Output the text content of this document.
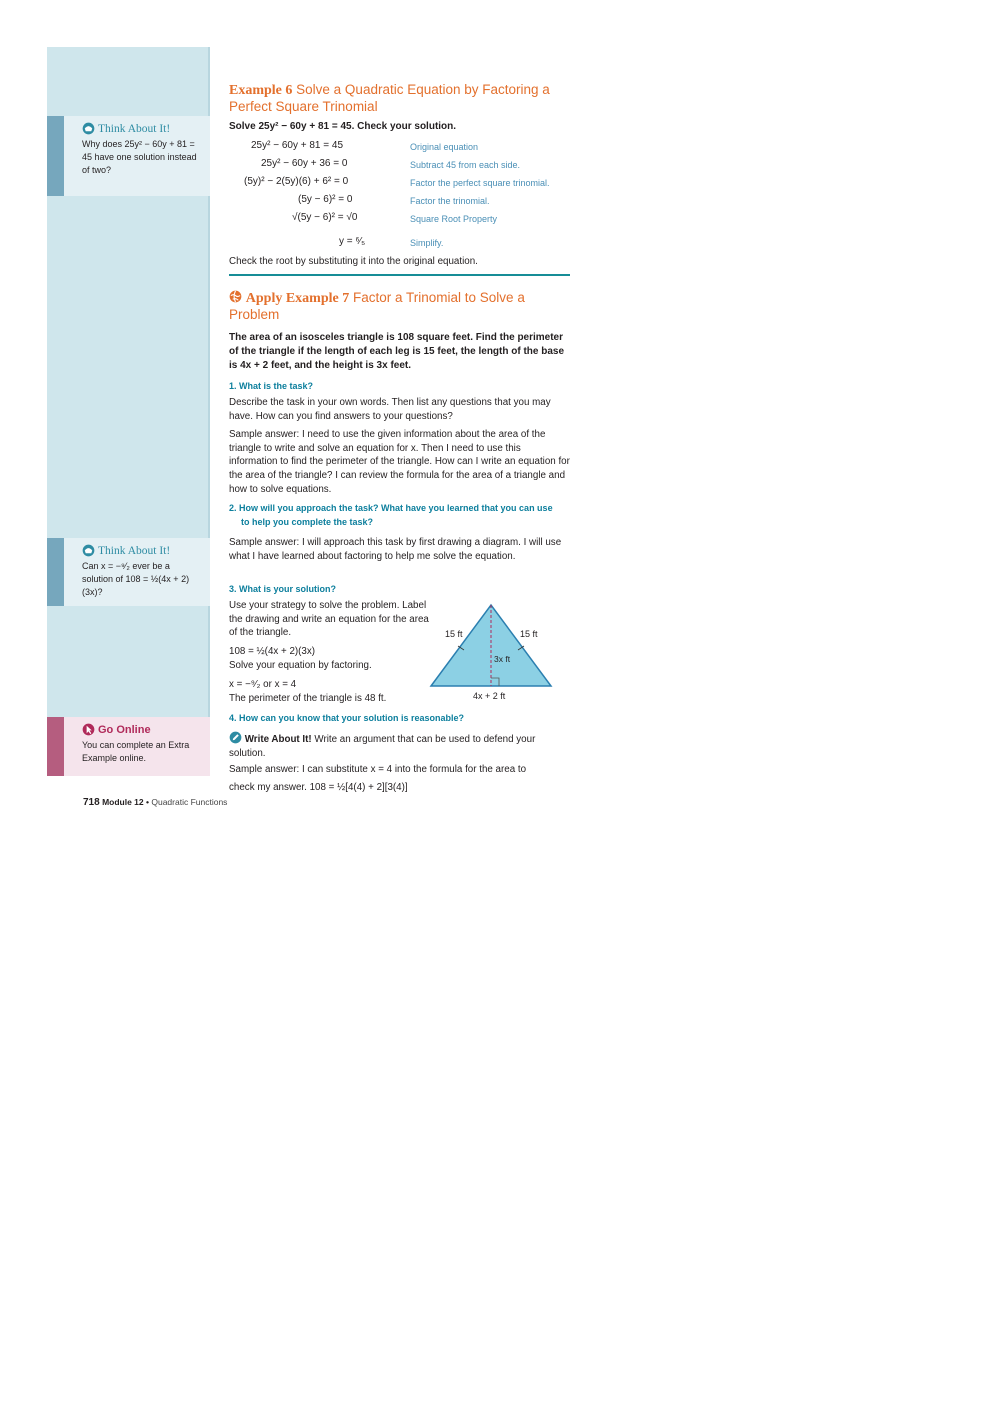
Think About It!
Why does 25y² − 60y + 81 = 45 have one solution instead of two?
Think About It!
Can x = −⁹⁄₂ ever be a solution of 108 = ½(4x + 2)(3x)?
Go Online
You can complete an Extra Example online.
Example 6 Solve a Quadratic Equation by Factoring a Perfect Square Trinomial
Solve 25y² − 60y + 81 = 45. Check your solution.
25y² − 60y + 81 = 45	Original equation
25y² − 60y + 36 = 0	Subtract 45 from each side.
(5y)² − 2(5y)(6) + 6² = 0	Factor the perfect square trinomial.
(5y − 6)² = 0	Factor the trinomial.
√(5y − 6)² = √0	Square Root Property
y = ⁶⁄₅	Simplify.
Check the root by substituting it into the original equation.
Apply Example 7 Factor a Trinomial to Solve a Problem
The area of an isosceles triangle is 108 square feet. Find the perimeter of the triangle if the length of each leg is 15 feet, the length of the base is 4x + 2 feet, and the height is 3x feet.
1. What is the task?
Describe the task in your own words. Then list any questions that you may have. How can you find answers to your questions?
Sample answer: I need to use the given information about the area of the triangle to write and solve an equation for x. Then I need to use this information to find the perimeter of the triangle. How can I write an equation for the area of the triangle? I can review the formula for the area of a triangle and how to solve equations.
2. How will you approach the task? What have you learned that you can use
to help you complete the task?
Sample answer: I will approach this task by first drawing a diagram. I will use what I have learned about factoring to help me solve the equation.
3. What is your solution?
Use your strategy to solve the problem. Label the drawing and write an equation for the area of the triangle.
108 = ½(4x + 2)(3x)
Solve your equation by factoring.
x = −⁹⁄₂ or x = 4
The perimeter of the triangle is 48 ft.
15 ft	15 ft
3x ft
4x + 2 ft
4. How can you know that your solution is reasonable?
Write About It! Write an argument that can be used to defend your solution.
Sample answer: I can substitute x = 4 into the formula for the area to
check my answer. 108 = ½[4(4) + 2][3(4)]
718 Module 12 • Quadratic Functions
